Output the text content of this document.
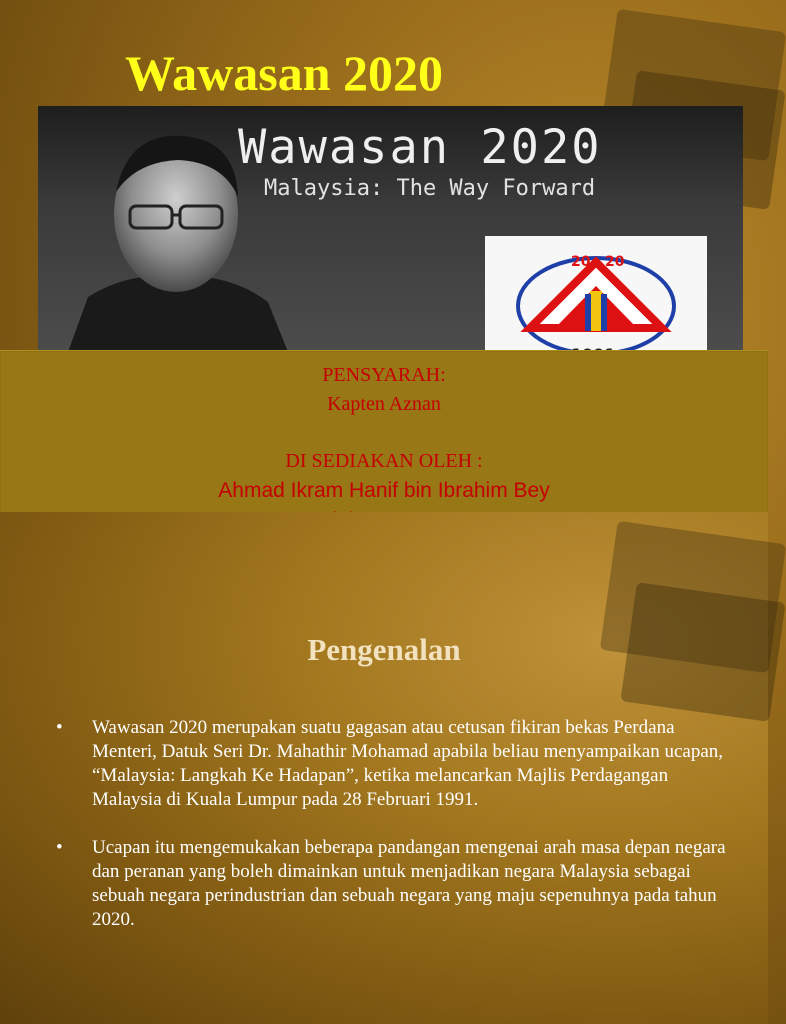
Wawasan 2020
Wawasan 2020
Malaysia: The Way Forward
20 20
PENSYARAH:
Kapten Aznan
DI SEDIAKAN OLEH :
Ahmad Ikram Hanif bin Ibrahim Bey
Pengenalan
• Wawasan 2020 merupakan suatu gagasan atau cetusan fikiran bekas Perdana Menteri, Datuk Seri Dr. Mahathir Mohamad apabila beliau menyampaikan ucapan, “Malaysia: Langkah Ke Hadapan”, ketika melancarkan Majlis Perdagangan Malaysia di Kuala Lumpur pada 28 Februari 1991.
• Ucapan itu mengemukakan beberapa pandangan mengenai arah masa depan negara dan peranan yang boleh dimainkan untuk menjadikan negara Malaysia sebagai sebuah negara perindustrian dan sebuah negara yang maju sepenuhnya pada tahun 2020.
